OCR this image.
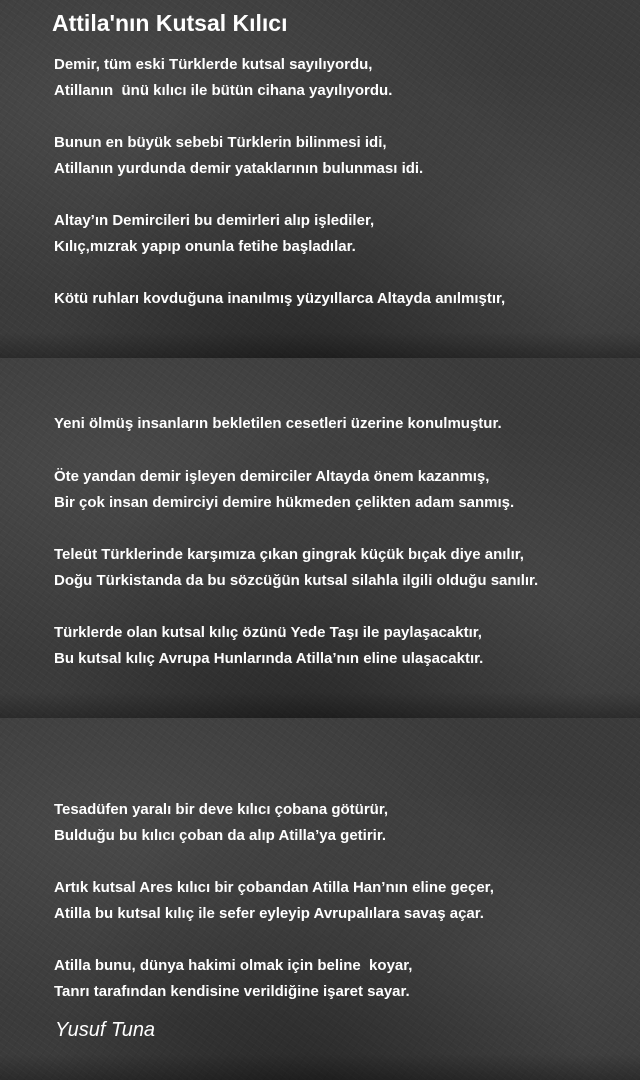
Attila'nın Kutsal Kılıcı
Demir, tüm eski Türklerde kutsal sayılıyordu,
Atillanın  ünü kılıcı ile bütün cihana yayılıyordu.
Bunun en büyük sebebi Türklerin bilinmesi idi,
Atillanın yurdunda demir yataklarının bulunması idi.
Altay’ın Demircileri bu demirleri alıp işlediler,
Kılıç,mızrak yapıp onunla fetihe başladılar.
Kötü ruhları kovduğuna inanılmış yüzyıllarca Altayda anılmıştır,
Yeni ölmüş insanların bekletilen cesetleri üzerine konulmuştur.
Öte yandan demir işleyen demirciler Altayda önem kazanmış,
Bir çok insan demirciyi demire hükmeden çelikten adam sanmış.
Teleüt Türklerinde karşımıza çıkan gingrak küçük bıçak diye anılır,
Doğu Türkistanda da bu sözcüğün kutsal silahla ilgili olduğu sanılır.
Türklerde olan kutsal kılıç özünü Yede Taşı ile paylaşacaktır,
Bu kutsal kılıç Avrupa Hunlarında Atilla’nın eline ulaşacaktır.
Tesadüfen yaralı bir deve kılıcı çobana götürür,
Bulduğu bu kılıcı çoban da alıp Atilla’ya getirir.
Artık kutsal Ares kılıcı bir çobandan Atilla Han’nın eline geçer,
Atilla bu kutsal kılıç ile sefer eyleyip Avrupalılara savaş açar.
Atilla bunu, dünya hakimi olmak için beline  koyar,
Tanrı tarafından kendisine verildiğine işaret sayar.
Yusuf Tuna
